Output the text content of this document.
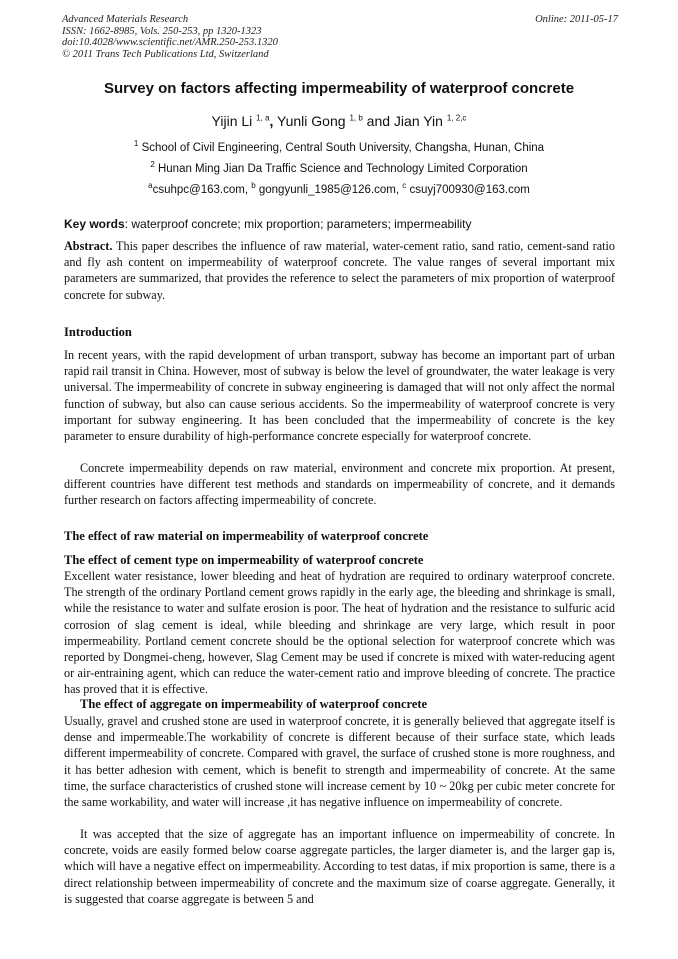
Advanced Materials Research
ISSN: 1662-8985, Vols. 250-253, pp 1320-1323
doi:10.4028/www.scientific.net/AMR.250-253.1320
© 2011 Trans Tech Publications Ltd, Switzerland
Online: 2011-05-17
Survey on factors affecting impermeability of waterproof concrete
Yijin Li $^{1, a}$, Yunli Gong $^{1, b}$ and Jian Yin $^{1, 2,c}$
$^1$ School of Civil Engineering, Central South University, Changsha, Hunan, China
$^2$ Hunan Ming Jian Da Traffic Science and Technology Limited Corporation
$^a$csuhpc@163.com, $^b$ gongyunli_1985@126.com, $^c$ csuyj700930@163.com
Key words: waterproof concrete; mix proportion; parameters; impermeability
Abstract. This paper describes the influence of raw material, water-cement ratio, sand ratio, cement-sand ratio and fly ash content on impermeability of waterproof concrete. The value ranges of several important mix parameters are summarized, that provides the reference to select the parameters of mix proportion of waterproof concrete for subway.
Introduction
In recent years, with the rapid development of urban transport, subway has become an important part of urban rapid rail transit in China. However, most of subway is below the level of groundwater, the water leakage is very universal. The impermeability of concrete in subway engineering is damaged that will not only affect the normal function of subway, but also can cause serious accidents. So the impermeability of waterproof concrete is very important for subway engineering. It has been concluded that the impermeability of concrete is the key parameter to ensure durability of high-performance concrete especially for waterproof concrete.
Concrete impermeability depends on raw material, environment and concrete mix proportion. At present, different countries have different test methods and standards on impermeability of concrete, and it demands further research on factors affecting impermeability of concrete.
The effect of raw material on impermeability of waterproof concrete
The effect of cement type on impermeability of waterproof concrete
Excellent water resistance, lower bleeding and heat of hydration are required to ordinary waterproof concrete. The strength of the ordinary Portland cement grows rapidly in the early age, the bleeding and shrinkage is small, while the resistance to water and sulfate erosion is poor. The heat of hydration and the resistance to sulfuric acid corrosion of slag cement is ideal, while bleeding and shrinkage are very large, which result in poor impermeability. Portland cement concrete should be the optional selection for waterproof concrete which was reported by Dongmei-cheng, however, Slag Cement may be used if concrete is mixed with water-reducing agent or air-entraining agent, which can reduce the water-cement ratio and improve bleeding of concrete. The practice has proved that it is effective.
The effect of aggregate on impermeability of waterproof concrete
Usually, gravel and crushed stone are used in waterproof concrete, it is generally believed that aggregate itself is dense and impermeable.The workability of concrete is different because of their surface state, which leads different impermeability of concrete. Compared with gravel, the surface of crushed stone is more roughness, and it has better adhesion with cement, which is benefit to strength and impermeability of concrete. At the same time, the surface characteristics of crushed stone will increase cement by 10 ~ 20kg per cubic meter concrete for the same workability, and water will increase ,it has negative influence on impermeability of concrete.
It was accepted that the size of aggregate has an important influence on impermeability of concrete. In concrete, voids are easily formed below coarse aggregate particles, the larger diameter is, and the larger gap is, which will have a negative effect on impermeability. According to test datas, if mix proportion is same, there is a direct relationship between impermeability of concrete and the maximum size of coarse aggregate. Generally, it is suggested that coarse aggregate is between 5 and
